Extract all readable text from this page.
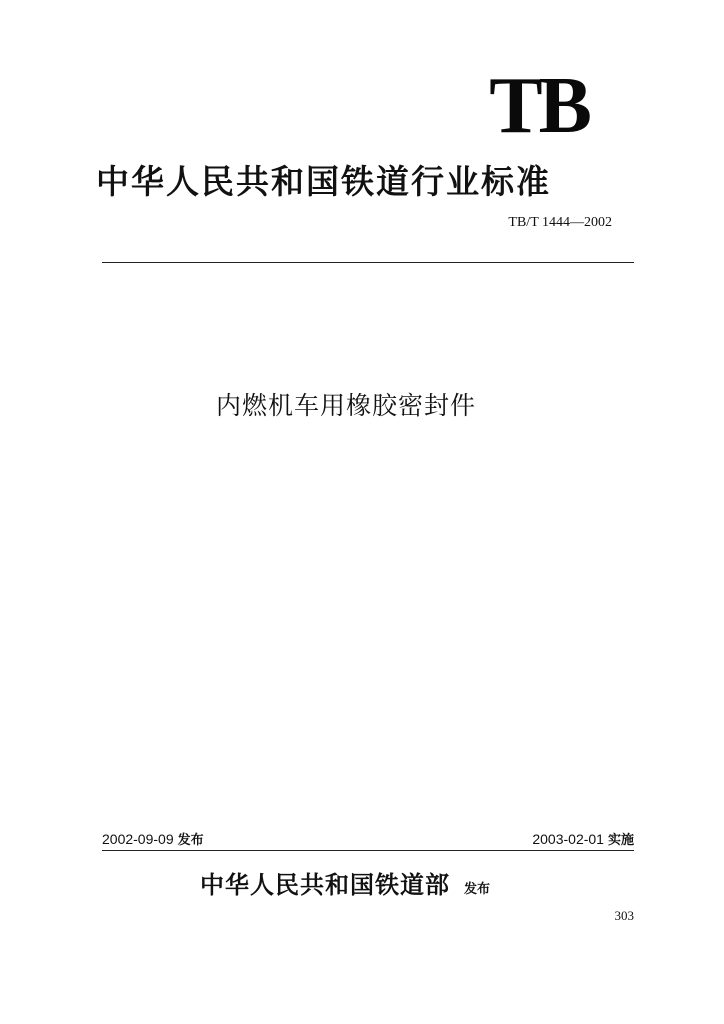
TB
中华人民共和国铁道行业标准
TB/T 1444—2002
内燃机车用橡胶密封件
2002-09-09 发布	2003-02-01 实施
中华人民共和国铁道部 发布
303
